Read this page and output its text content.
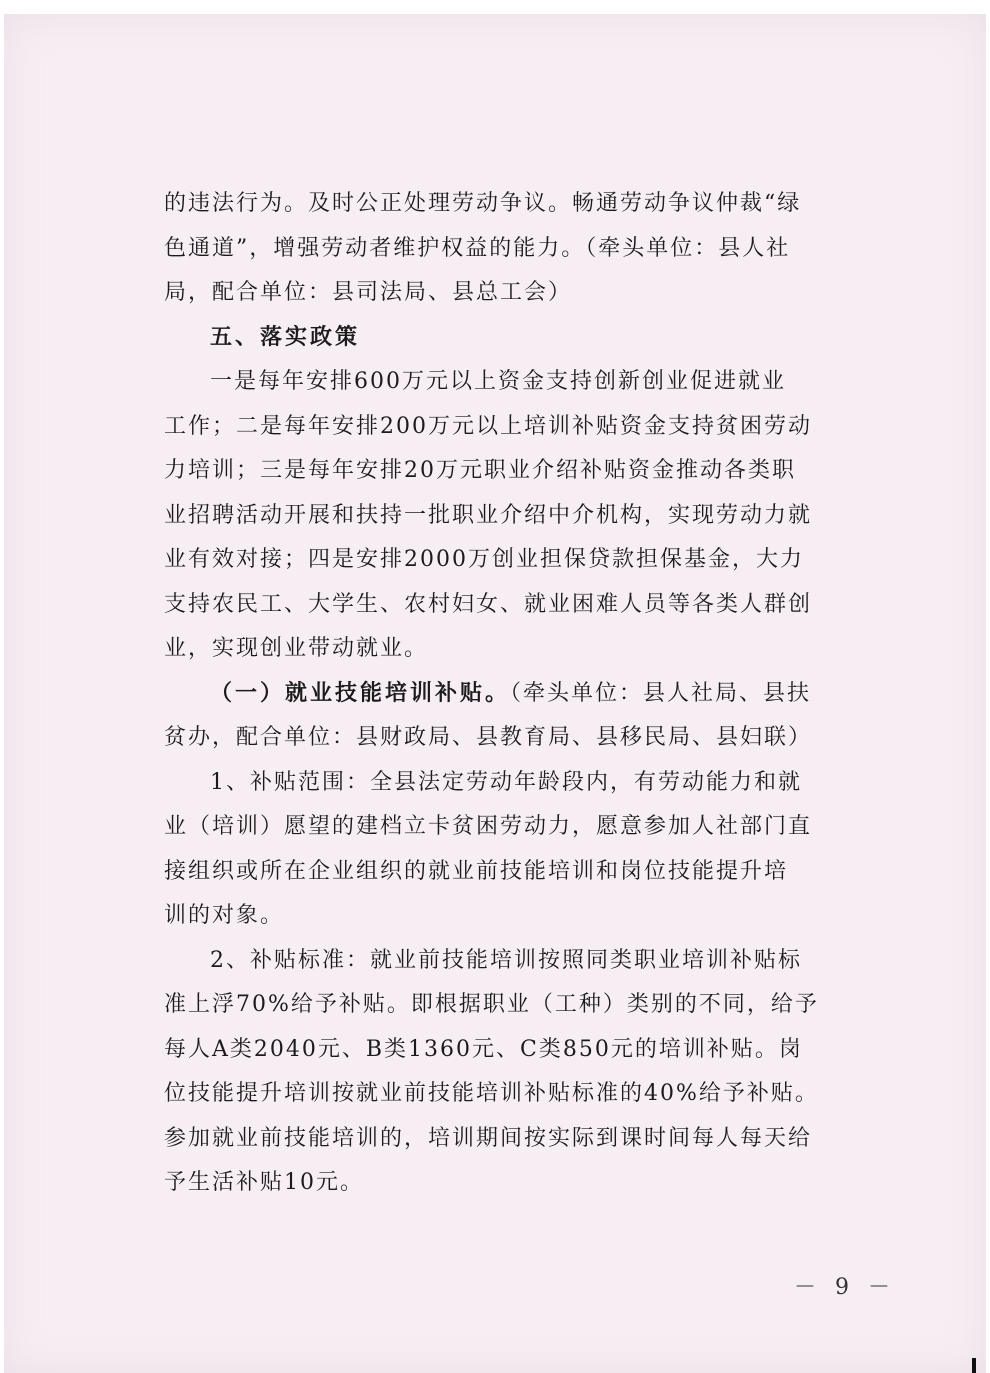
的违法行为。及时公正处理劳动争议。畅通劳动争议仲裁“绿
色通道”，增强劳动者维护权益的能力。（牵头单位：县人社
局，配合单位：县司法局、县总工会）
五、落实政策
一是每年安排600万元以上资金支持创新创业促进就业
工作；二是每年安排200万元以上培训补贴资金支持贫困劳动
力培训；三是每年安排20万元职业介绍补贴资金推动各类职
业招聘活动开展和扶持一批职业介绍中介机构，实现劳动力就
业有效对接；四是安排2000万创业担保贷款担保基金，大力
支持农民工、大学生、农村妇女、就业困难人员等各类人群创
业，实现创业带动就业。
（一）就业技能培训补贴。（牵头单位：县人社局、县扶
贫办，配合单位：县财政局、县教育局、县移民局、县妇联）
1、补贴范围：全县法定劳动年龄段内，有劳动能力和就
业（培训）愿望的建档立卡贫困劳动力，愿意参加人社部门直
接组织或所在企业组织的就业前技能培训和岗位技能提升培
训的对象。
2、补贴标准：就业前技能培训按照同类职业培训补贴标
准上浮70%给予补贴。即根据职业（工种）类别的不同，给予
每人A类2040元、B类1360元、C类850元的培训补贴。岗
位技能提升培训按就业前技能培训补贴标准的40%给予补贴。
参加就业前技能培训的，培训期间按实际到课时间每人每天给
予生活补贴10元。
－ 9 －
